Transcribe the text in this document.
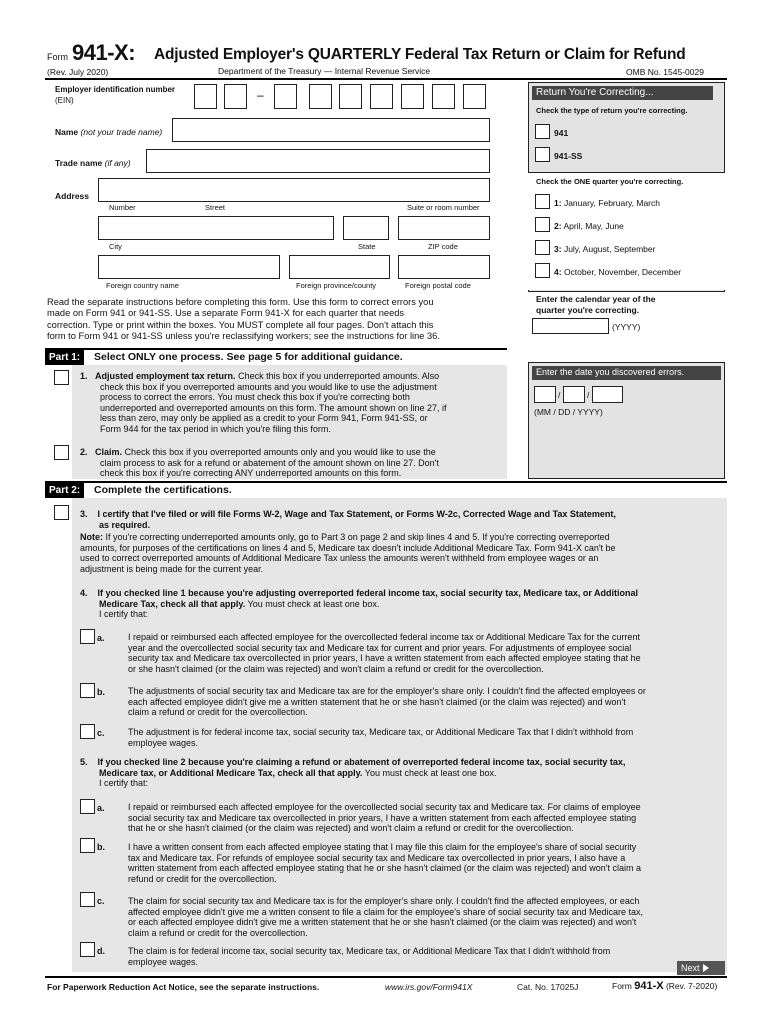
Form 941-X: Adjusted Employer's QUARTERLY Federal Tax Return or Claim for Refund
(Rev. July 2020)	Department of the Treasury — Internal Revenue Service	OMB No. 1545-0029
Employer identification number
(EIN)	–
Name (not your trade name)
Trade name (if any)
Address
Number	Street	Suite or room number
City	State	ZIP code
Foreign country name	Foreign province/county	Foreign postal code
Return You're Correcting...
Check the type of return you're correcting.
941
941-SS
Check the ONE quarter you're correcting.
1: January, February, March
2: April, May, June
3: July, August, September
4: October, November, December
Enter the calendar year of the
quarter you're correcting.
(YYYY)
Read the separate instructions before completing this form. Use this form to correct errors you
made on Form 941 or 941-SS. Use a separate Form 941-X for each quarter that needs
correction. Type or print within the boxes. You MUST complete all four pages. Don't attach this
form to Form 941 or 941-SS unless you're reclassifying workers; see the instructions for line 36.
Part 1:	Select ONLY one process. See page 5 for additional guidance.
1. Adjusted employment tax return. Check this box if you underreported amounts. Also
check this box if you overreported amounts and you would like to use the adjustment
process to correct the errors. You must check this box if you're correcting both
underreported and overreported amounts on this form. The amount shown on line 27, if
less than zero, may only be applied as a credit to your Form 941, Form 941-SS, or
Form 944 for the tax period in which you're filing this form.
2. Claim. Check this box if you overreported amounts only and you would like to use the
claim process to ask for a refund or abatement of the amount shown on line 27. Don't
check this box if you're correcting ANY underreported amounts on this form.
Enter the date you discovered errors.
/	/
(MM / DD / YYYY)
Part 2:	Complete the certifications.
3. I certify that I've filed or will file Forms W-2, Wage and Tax Statement, or Forms W-2c, Corrected Wage and Tax Statement,
as required.
Note: If you're correcting underreported amounts only, go to Part 3 on page 2 and skip lines 4 and 5. If you're correcting overreported
amounts, for purposes of the certifications on lines 4 and 5, Medicare tax doesn't include Additional Medicare Tax. Form 941-X can't be
used to correct overreported amounts of Additional Medicare Tax unless the amounts weren't withheld from employee wages or an
adjustment is being made for the current year.
4. If you checked line 1 because you're adjusting overreported federal income tax, social security tax, Medicare tax, or Additional
Medicare Tax, check all that apply. You must check at least one box.
I certify that:
a.	I repaid or reimbursed each affected employee for the overcollected federal income tax or Additional Medicare Tax for the current
year and the overcollected social security tax and Medicare tax for current and prior years. For adjustments of employee social
security tax and Medicare tax overcollected in prior years, I have a written statement from each affected employee stating that he
or she hasn't claimed (or the claim was rejected) and won't claim a refund or credit for the overcollection.
b.	The adjustments of social security tax and Medicare tax are for the employer's share only. I couldn't find the affected employees or
each affected employee didn't give me a written statement that he or she hasn't claimed (or the claim was rejected) and won't
claim a refund or credit for the overcollection.
c.	The adjustment is for federal income tax, social security tax, Medicare tax, or Additional Medicare Tax that I didn't withhold from
employee wages.
5. If you checked line 2 because you're claiming a refund or abatement of overreported federal income tax, social security tax,
Medicare tax, or Additional Medicare Tax, check all that apply. You must check at least one box.
I certify that:
a.	I repaid or reimbursed each affected employee for the overcollected social security tax and Medicare tax. For claims of employee
social security tax and Medicare tax overcollected in prior years, I have a written statement from each affected employee stating
that he or she hasn't claimed (or the claim was rejected) and won't claim a refund or credit for the overcollection.
b.	I have a written consent from each affected employee stating that I may file this claim for the employee's share of social security
tax and Medicare tax. For refunds of employee social security tax and Medicare tax overcollected in prior years, I also have a
written statement from each affected employee stating that he or she hasn't claimed (or the claim was rejected) and won't claim a
refund or credit for the overcollection.
c.	The claim for social security tax and Medicare tax is for the employer's share only. I couldn't find the affected employees, or each
affected employee didn't give me a written consent to file a claim for the employee's share of social security tax and Medicare tax,
or each affected employee didn't give me a written statement that he or she hasn't claimed (or the claim was rejected) and won't
claim a refund or credit for the overcollection.
d.	The claim is for federal income tax, social security tax, Medicare tax, or Additional Medicare Tax that I didn't withhold from
employee wages.
Next
For Paperwork Reduction Act Notice, see the separate instructions.	www.irs.gov/Form941X	Cat. No. 17025J	Form 941-X (Rev. 7-2020)
